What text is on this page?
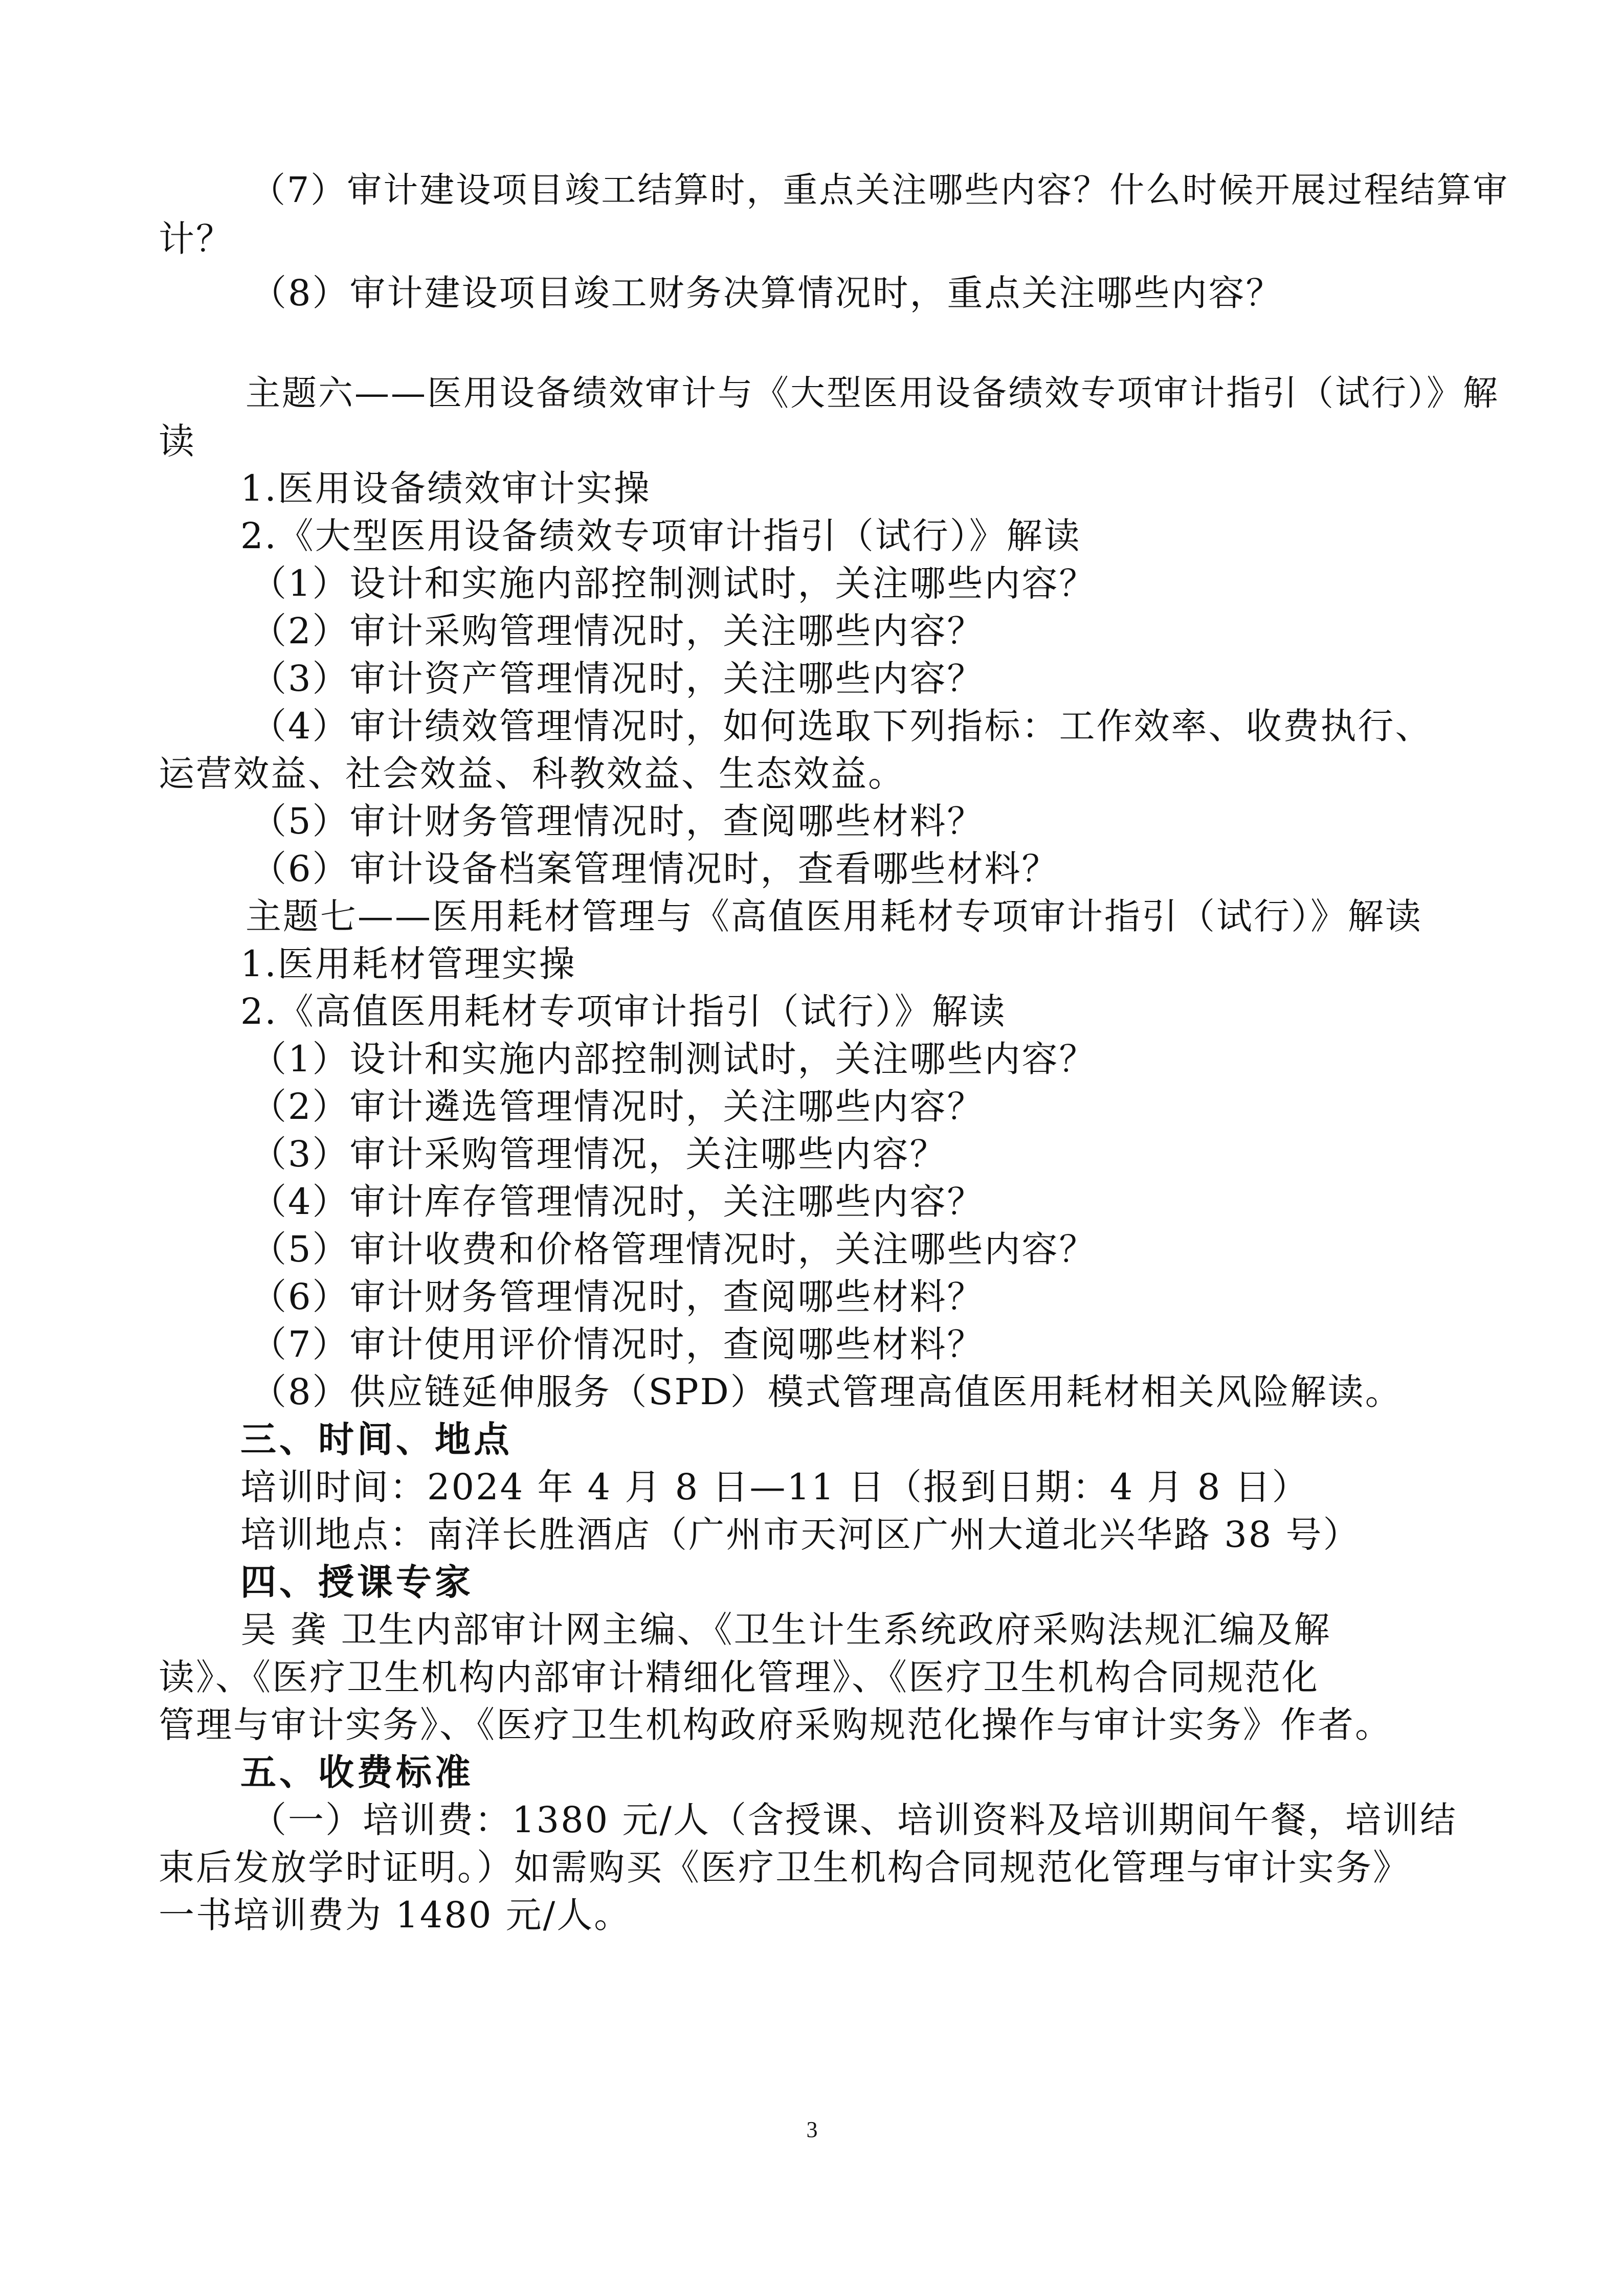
（7）审计建设项目竣工结算时，重点关注哪些内容？什么时候开展过程结算审
计？
（8）审计建设项目竣工财务决算情况时，重点关注哪些内容？
主题六——医用设备绩效审计与《大型医用设备绩效专项审计指引（试行）》解
读
1.医用设备绩效审计实操
2.《大型医用设备绩效专项审计指引（试行）》解读
（1）设计和实施内部控制测试时，关注哪些内容？
（2）审计采购管理情况时，关注哪些内容？
（3）审计资产管理情况时，关注哪些内容？
（4）审计绩效管理情况时，如何选取下列指标：工作效率、收费执行、
运营效益、社会效益、科教效益、生态效益。
（5）审计财务管理情况时，查阅哪些材料？
（6）审计设备档案管理情况时，查看哪些材料？
主题七——医用耗材管理与《高值医用耗材专项审计指引（试行）》解读
1.医用耗材管理实操
2.《高值医用耗材专项审计指引（试行）》解读
（1）设计和实施内部控制测试时，关注哪些内容？
（2）审计遴选管理情况时，关注哪些内容？
（3）审计采购管理情况，关注哪些内容？
（4）审计库存管理情况时，关注哪些内容？
（5）审计收费和价格管理情况时，关注哪些内容？
（6）审计财务管理情况时，查阅哪些材料？
（7）审计使用评价情况时，查阅哪些材料？
（8）供应链延伸服务（SPD）模式管理高值医用耗材相关风险解读。
三、时间、地点
培训时间：2024 年 4 月 8 日—11 日（报到日期：4 月 8 日）
培训地点：南洋长胜酒店（广州市天河区广州大道北兴华路 38 号）
四、授课专家
吴 龚 卫生内部审计网主编、《卫生计生系统政府采购法规汇编及解
读》、《医疗卫生机构内部审计精细化管理》、《医疗卫生机构合同规范化
管理与审计实务》、《医疗卫生机构政府采购规范化操作与审计实务》作者。
五、收费标准
（一）培训费：1380 元/人（含授课、培训资料及培训期间午餐，培训结
束后发放学时证明。）如需购买《医疗卫生机构合同规范化管理与审计实务》
一书培训费为 1480 元/人。
3
